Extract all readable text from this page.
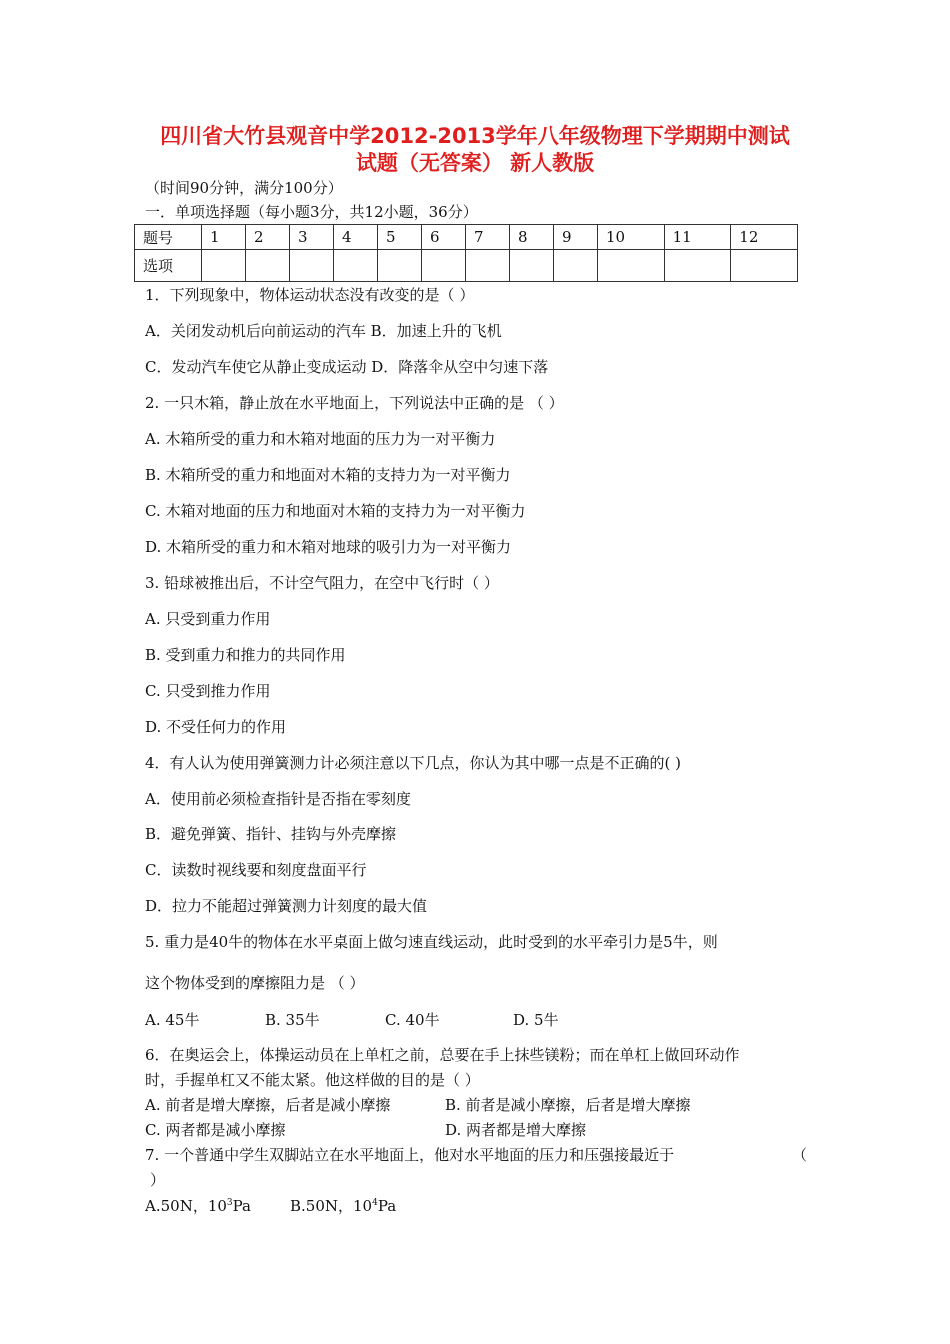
四川省大竹县观音中学2012-2013学年八年级物理下学期期中测试
试题（无答案） 新人教版
（时间90分钟，满分100分）
一．单项选择题（每小题3分，共12小题，36分）
题号	1	2	3	4	5	6	7	8	9	10	11	12
选项												
1．下列现象中，物体运动状态没有改变的是（ ）
A．关闭发动机后向前运动的汽车 B．加速上升的飞机
C．发动汽车使它从静止变成运动 D．降落伞从空中匀速下落
2. 一只木箱，静止放在水平地面上，下列说法中正确的是 （ ）
A. 木箱所受的重力和木箱对地面的压力为一对平衡力
B. 木箱所受的重力和地面对木箱的支持力为一对平衡力
C. 木箱对地面的压力和地面对木箱的支持力为一对平衡力
D. 木箱所受的重力和木箱对地球的吸引力为一对平衡力
3. 铅球被推出后，不计空气阻力，在空中飞行时（ ）
A. 只受到重力作用
B. 受到重力和推力的共同作用
C. 只受到推力作用
D. 不受任何力的作用
4．有人认为使用弹簧测力计必须注意以下几点，你认为其中哪一点是不正确的( )
A．使用前必须检查指针是否指在零刻度
B．避免弹簧、指针、挂钩与外壳摩擦
C．读数时视线要和刻度盘面平行
D．拉力不能超过弹簧测力计刻度的最大值
5. 重力是40牛的物体在水平桌面上做匀速直线运动，此时受到的水平牵引力是5牛，则
这个物体受到的摩擦阻力是 （ ）
A. 45牛	B. 35牛	C. 40牛	D. 5牛
6．在奥运会上，体操运动员在上单杠之前，总要在手上抹些镁粉；而在单杠上做回环动作
时，手握单杠又不能太紧。他这样做的目的是（ ）
A. 前者是增大摩擦，后者是减小摩擦	B. 前者是减小摩擦，后者是增大摩擦
C. 两者都是减小摩擦	D. 两者都是增大摩擦
7. 一个普通中学生双脚站立在水平地面上，他对水平地面的压力和压强接最近于	（
）
A.50N，$10^3Pa$	B.50N，$10^4Pa$
